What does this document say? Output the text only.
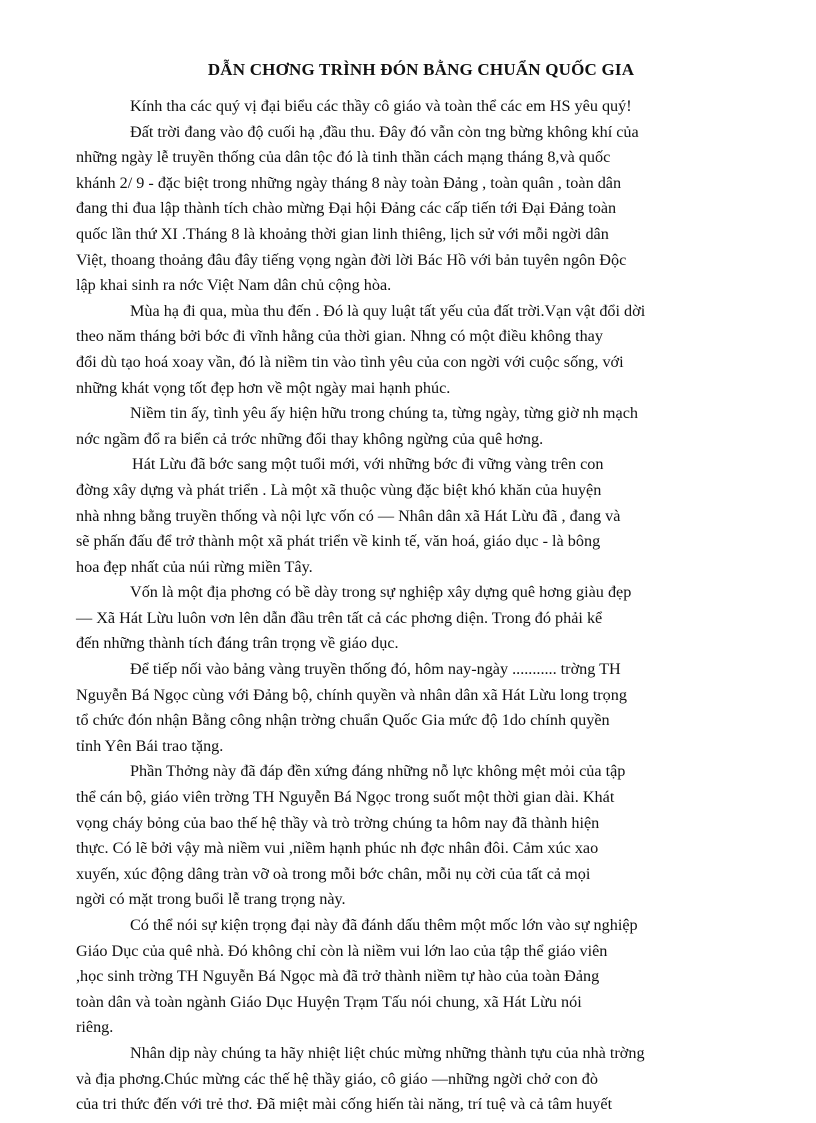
DẪN CHƠNG TRÌNH ĐÓN BẰNG CHUẨN QUỐC GIA

Kính tha các quý vị đại biểu các thầy cô giáo và toàn thể các em HS yêu quý!

Đất trời đang vào độ cuối hạ ,đầu thu. Đây đó vẫn còn tng bừng không khí của
những ngày lễ truyền thống của dân tộc đó là tinh thần cách mạng tháng 8,và quốc
khánh 2/ 9 - đặc biệt trong những ngày tháng 8 này toàn Đảng , toàn quân , toàn dân
đang thi đua lập thành tích chào mừng Đại hội Đảng các cấp tiến tới Đại Đảng toàn
quốc lần thứ XI .Tháng 8 là khoảng thời gian linh thiêng, lịch sử với mỗi ngời dân
Việt, thoang thoảng đâu đây tiếng vọng ngàn đời lời Bác Hồ với bản tuyên ngôn Độc
lập khai sinh ra nớc Việt Nam dân chủ cộng hòa.

Mùa hạ đi qua, mùa thu đến . Đó là quy luật tất yếu của đất trời.Vạn vật đổi dời
theo năm tháng bởi bớc đi vĩnh hằng của thời gian. Nhng có một điều không thay
đổi dù tạo hoá xoay vần, đó là niềm tin vào tình yêu của con ngời với cuộc sống, với
những khát vọng tốt đẹp hơn về một ngày mai hạnh phúc.

Niềm tin ấy, tình yêu ấy hiện hữu trong chúng ta, từng ngày, từng giờ nh mạch
nớc ngầm đổ ra biển cả trớc những đổi thay không ngừng của quê hơng.

Hát Lừu đã bớc sang một tuổi mới, với những bớc đi vững vàng trên con
đờng xây dựng và phát triển . Là một xã thuộc vùng đặc biệt khó khăn của huyện
nhà nhng bằng truyền thống và nội lực vốn có — Nhân dân xã Hát Lừu đã , đang và
sẽ phấn đấu để trở thành một xã phát triển về kinh tế, văn hoá, giáo dục - là bông
hoa đẹp nhất của núi rừng miền Tây.

Vốn là một địa phơng có bề dày trong sự nghiệp xây dựng quê hơng giàu đẹp
— Xã Hát Lừu luôn vơn lên dẫn đầu trên tất cả các phơng diện. Trong đó phải kể
đến những thành tích đáng trân trọng về giáo dục.

Để tiếp nối vào bảng vàng truyền thống đó, hôm nay-ngày ........... trờng TH
Nguyễn Bá Ngọc cùng với Đảng bộ, chính quyền và nhân dân xã Hát Lừu long trọng
tổ chức đón nhận Bằng công nhận trờng chuẩn Quốc Gia mức độ 1do chính quyền
tỉnh Yên Bái trao tặng.

Phần Thởng này đã đáp đền xứng đáng những nỗ lực không mệt mỏi của tập
thể cán bộ, giáo viên trờng TH Nguyễn Bá Ngọc trong suốt một thời gian dài. Khát
vọng cháy bỏng của bao thế hệ thầy và trò trờng chúng ta hôm nay đã thành hiện
thực. Có lẽ bởi vậy mà niềm vui ,niềm hạnh phúc nh đợc nhân đôi. Cảm xúc xao
xuyến, xúc động dâng tràn vỡ oà trong mỗi bớc chân, mỗi nụ cời của tất cả mọi
ngời có mặt trong buổi lễ trang trọng này.

Có thể nói sự kiện trọng đại này đã đánh dấu thêm một mốc lớn vào sự nghiệp
Giáo Dục của quê nhà. Đó không chỉ còn là niềm vui lớn lao của tập thể giáo viên
,học sinh trờng TH Nguyễn Bá Ngọc mà đã trở thành niềm tự hào của toàn Đảng
toàn dân và toàn ngành Giáo Dục Huyện Trạm Tấu nói chung, xã Hát Lừu nói
riêng.

Nhân dịp này chúng ta hãy nhiệt liệt chúc mừng những thành tựu của nhà trờng
và địa phơng.Chúc mừng các thế hệ thầy giáo, cô giáo —những ngời chở con đò
của tri thức đến với trẻ thơ. Đã miệt mài cống hiến tài năng, trí tuệ và cả tâm huyết
